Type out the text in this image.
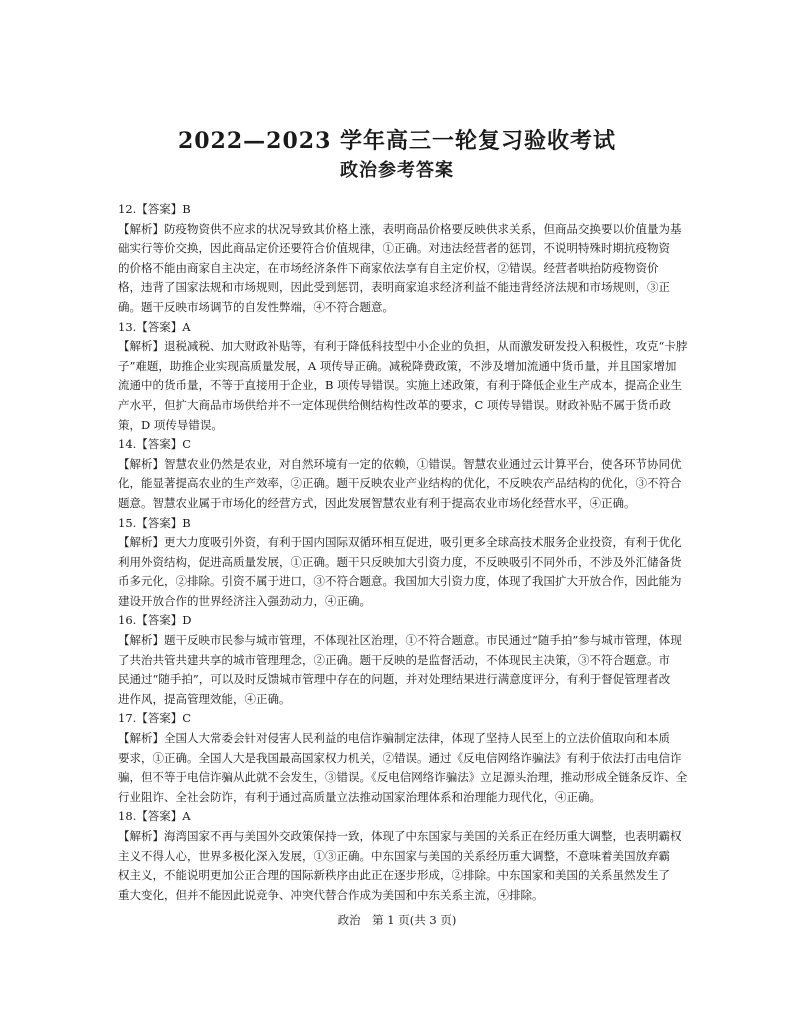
2022—2023 学年高三一轮复习验收考试
政治参考答案

12.【答案】B

【解析】防疫物资供不应求的状况导致其价格上涨，表明商品价格要反映供求关系，但商品交换要以价值量为基
础实行等价交换，因此商品定价还要符合价值规律，①正确。对违法经营者的惩罚，不说明特殊时期抗疫物资
的价格不能由商家自主决定，在市场经济条件下商家依法享有自主定价权，②错误。经营者哄抬防疫物资价
格，违背了国家法规和市场规则，因此受到惩罚，表明商家追求经济利益不能违背经济法规和市场规则，③正
确。题干反映市场调节的自发性弊端，④不符合题意。

13.【答案】A

【解析】退税减税、加大财政补贴等，有利于降低科技型中小企业的负担，从而激发研发投入积极性，攻克“卡脖
子”难题，助推企业实现高质量发展，A 项传导正确。减税降费政策，不涉及增加流通中货币量，并且国家增加
流通中的货币量，不等于直接用于企业，B 项传导错误。实施上述政策，有利于降低企业生产成本，提高企业生
产水平，但扩大商品市场供给并不一定体现供给侧结构性改革的要求，C 项传导错误。财政补贴不属于货币政
策，D 项传导错误。

14.【答案】C

【解析】智慧农业仍然是农业，对自然环境有一定的依赖，①错误。智慧农业通过云计算平台，使各环节协同优
化，能显著提高农业的生产效率，②正确。题干反映农业产业结构的优化，不反映农产品结构的优化，③不符合
题意。智慧农业属于市场化的经营方式，因此发展智慧农业有利于提高农业市场化经营水平，④正确。

15.【答案】B

【解析】更大力度吸引外资，有利于国内国际双循环相互促进，吸引更多全球高技术服务企业投资，有利于优化
利用外资结构，促进高质量发展，①正确。题干只反映加大引资力度，不反映吸引不同外币，不涉及外汇储备货
币多元化，②排除。引资不属于进口，③不符合题意。我国加大引资力度，体现了我国扩大开放合作，因此能为
建设开放合作的世界经济注入强劲动力，④正确。

16.【答案】D

【解析】题干反映市民参与城市管理，不体现社区治理，①不符合题意。市民通过“随手拍”参与城市管理，体现
了共治共管共建共享的城市管理理念，②正确。题干反映的是监督活动，不体现民主决策，③不符合题意。市
民通过“随手拍”，可以及时反馈城市管理中存在的问题，并对处理结果进行满意度评分，有利于督促管理者改
进作风，提高管理效能，④正确。

17.【答案】C

【解析】全国人大常委会针对侵害人民利益的电信诈骗制定法律，体现了坚持人民至上的立法价值取向和本质
要求，①正确。全国人大是我国最高国家权力机关，②错误。通过《反电信网络诈骗法》有利于依法打击电信诈
骗，但不等于电信诈骗从此就不会发生，③错误。《反电信网络诈骗法》立足源头治理，推动形成全链条反诈、全
行业阻诈、全社会防诈，有利于通过高质量立法推动国家治理体系和治理能力现代化，④正确。

18.【答案】A

【解析】海湾国家不再与美国外交政策保持一致，体现了中东国家与美国的关系正在经历重大调整，也表明霸权
主义不得人心，世界多极化深入发展，①③正确。中东国家与美国的关系经历重大调整，不意味着美国放弃霸
权主义，不能说明更加公正合理的国际新秩序由此正在逐步形成，②排除。中东国家和美国的关系虽然发生了
重大变化，但并不能因此说竞争、冲突代替合作成为美国和中东关系主流，④排除。

政治　第 1 页(共 3 页)
